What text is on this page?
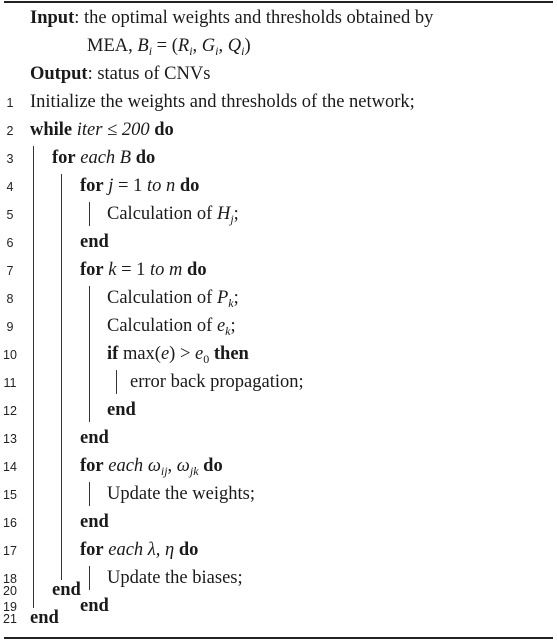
Input: the optimal weights and thresholds obtained by
MEA, $B_i = (R_i$, $G_i$, $Q_i$)
Output: status of CNVs
1 Initialize the weights and thresholds of the network;
2 while iter ≤ 200 do
3 for each B do
4	for j = 1 to n do
5	Calculation of $H_j$;
6	end
7	for k = 1 to m do
8	Calculation of $P_k$;
9	Calculation of $e_k$;
10	if $\max(e) > e_0$ then
11	error back propagation;
12	end
13	end
14	for each $\omega_{ij}$, $\omega_{jk}$ do
15	Update the weights;
16	end
17	for each λ, η do
18	Update the biases;
19	end
20 end
21 end
